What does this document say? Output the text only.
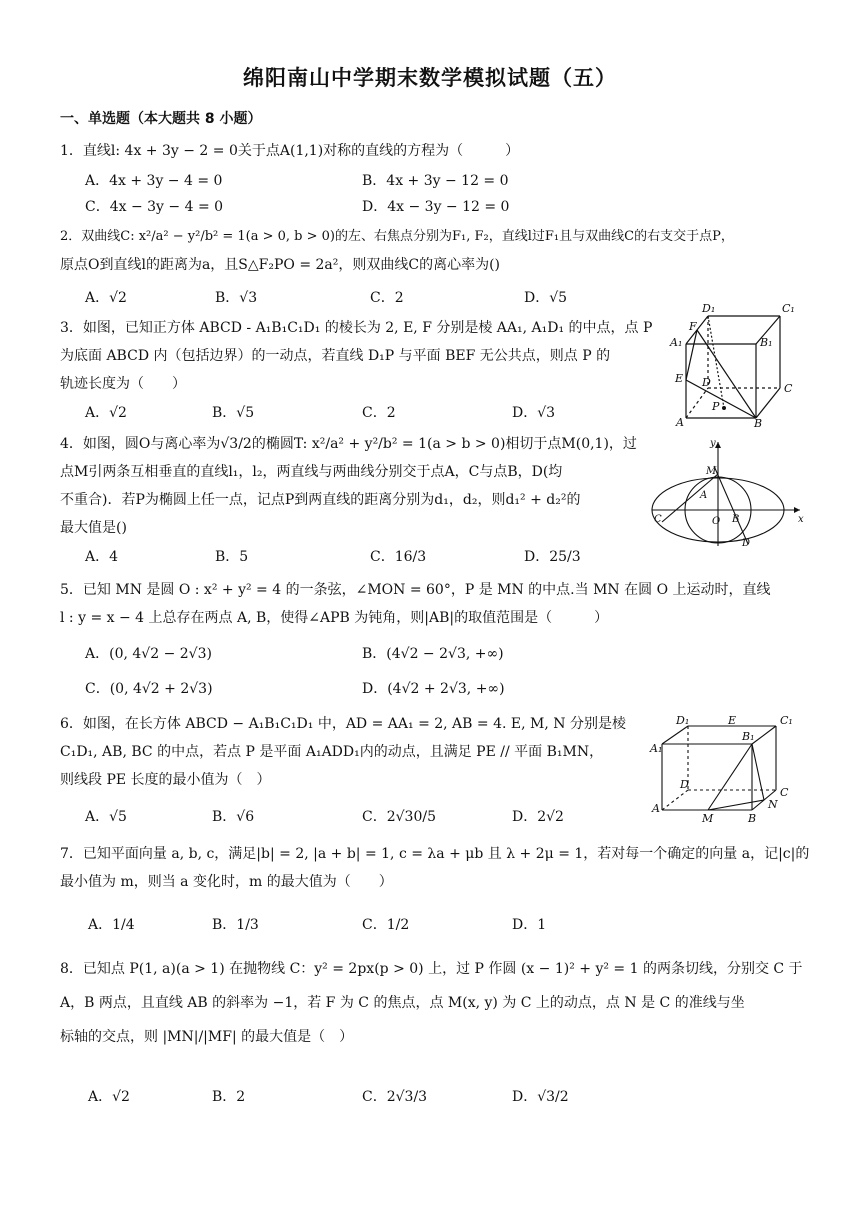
绵阳南山中学期末数学模拟试题（五）
一、单选题（本大题共 8 小题）
1．直线l: 4x + 3y − 2 = 0关于点A(1,1)对称的直线的方程为（　　　）
A．4x + 3y − 4 = 0	B．4x + 3y − 12 = 0
C．4x − 3y − 4 = 0	D．4x − 3y − 12 = 0
2．双曲线C: x²/a² − y²/b² = 1(a > 0, b > 0)的左、右焦点分别为F₁, F₂，直线l过F₁且与双曲线C的右支交于点P，
原点O到直线l的距离为a，且S△F₂PO = 2a²，则双曲线C的离心率为()
A．√2	B．√3	C．2	D．√5
3．如图，已知正方体 ABCD - A₁B₁C₁D₁ 的棱长为 2, E, F 分别是棱 AA₁, A₁D₁ 的中点，点 P
为底面 ABCD 内（包括边界）的一动点，若直线 D₁P 与平面 BEF 无公共点，则点 P 的
轨迹长度为（　　）
A．√2	B．√5	C．2	D．√3
D₁	C₁
F
A₁	B₁
E D	C
P
A	B
4．如图，圆O与离心率为√3/2的椭圆T: x²/a² + y²/b² = 1(a > b > 0)相切于点M(0,1)，过
点M引两条互相垂直的直线l₁，l₂，两直线与两曲线分别交于点A，C与点B，D(均
不重合)．若P为椭圆上任一点，记点P到两直线的距离分别为d₁，d₂，则d₁² + d₂²的
最大值是()
A．4	B．5	C．16/3	D．25/3
y
x
M
A
O B
C
D
5．已知 MN 是圆 O : x² + y² = 4 的一条弦，∠MON = 60°，P 是 MN 的中点.当 MN 在圆 O 上运动时，直线
l : y = x − 4 上总存在两点 A, B，使得∠APB 为钝角，则|AB|的取值范围是（　　　）
A．(0, 4√2 − 2√3)	B．(4√2 − 2√3, +∞)
C．(0, 4√2 + 2√3)	D．(4√2 + 2√3, +∞)
6．如图，在长方体 ABCD − A₁B₁C₁D₁ 中，AD = AA₁ = 2, AB = 4. E, M, N 分别是棱
C₁D₁, AB, BC 的中点，若点 P 是平面 A₁ADD₁内的动点，且满足 PE // 平面 B₁MN，
则线段 PE 长度的最小值为（　）
A．√5	B．√6	C．2√30/5	D．2√2
D₁	E	C₁
A₁
B₁
D
C
N
A
M	B
7．已知平面向量 a, b, c，满足|b| = 2, |a + b| = 1, c = λa + μb 且 λ + 2μ = 1，若对每一个确定的向量 a，记|c|的
最小值为 m，则当 a 变化时，m 的最大值为（　　）
A．1/4	B．1/3	C．1/2	D．1
8．已知点 P(1, a)(a > 1) 在抛物线 C：y² = 2px(p > 0) 上，过 P 作圆 (x − 1)² + y² = 1 的两条切线，分别交 C 于
A，B 两点，且直线 AB 的斜率为 −1，若 F 为 C 的焦点，点 M(x, y) 为 C 上的动点，点 N 是 C 的准线与坐
标轴的交点，则 |MN|/|MF| 的最大值是（　）
A．√2	B．2	C．2√3/3	D．√3/2
